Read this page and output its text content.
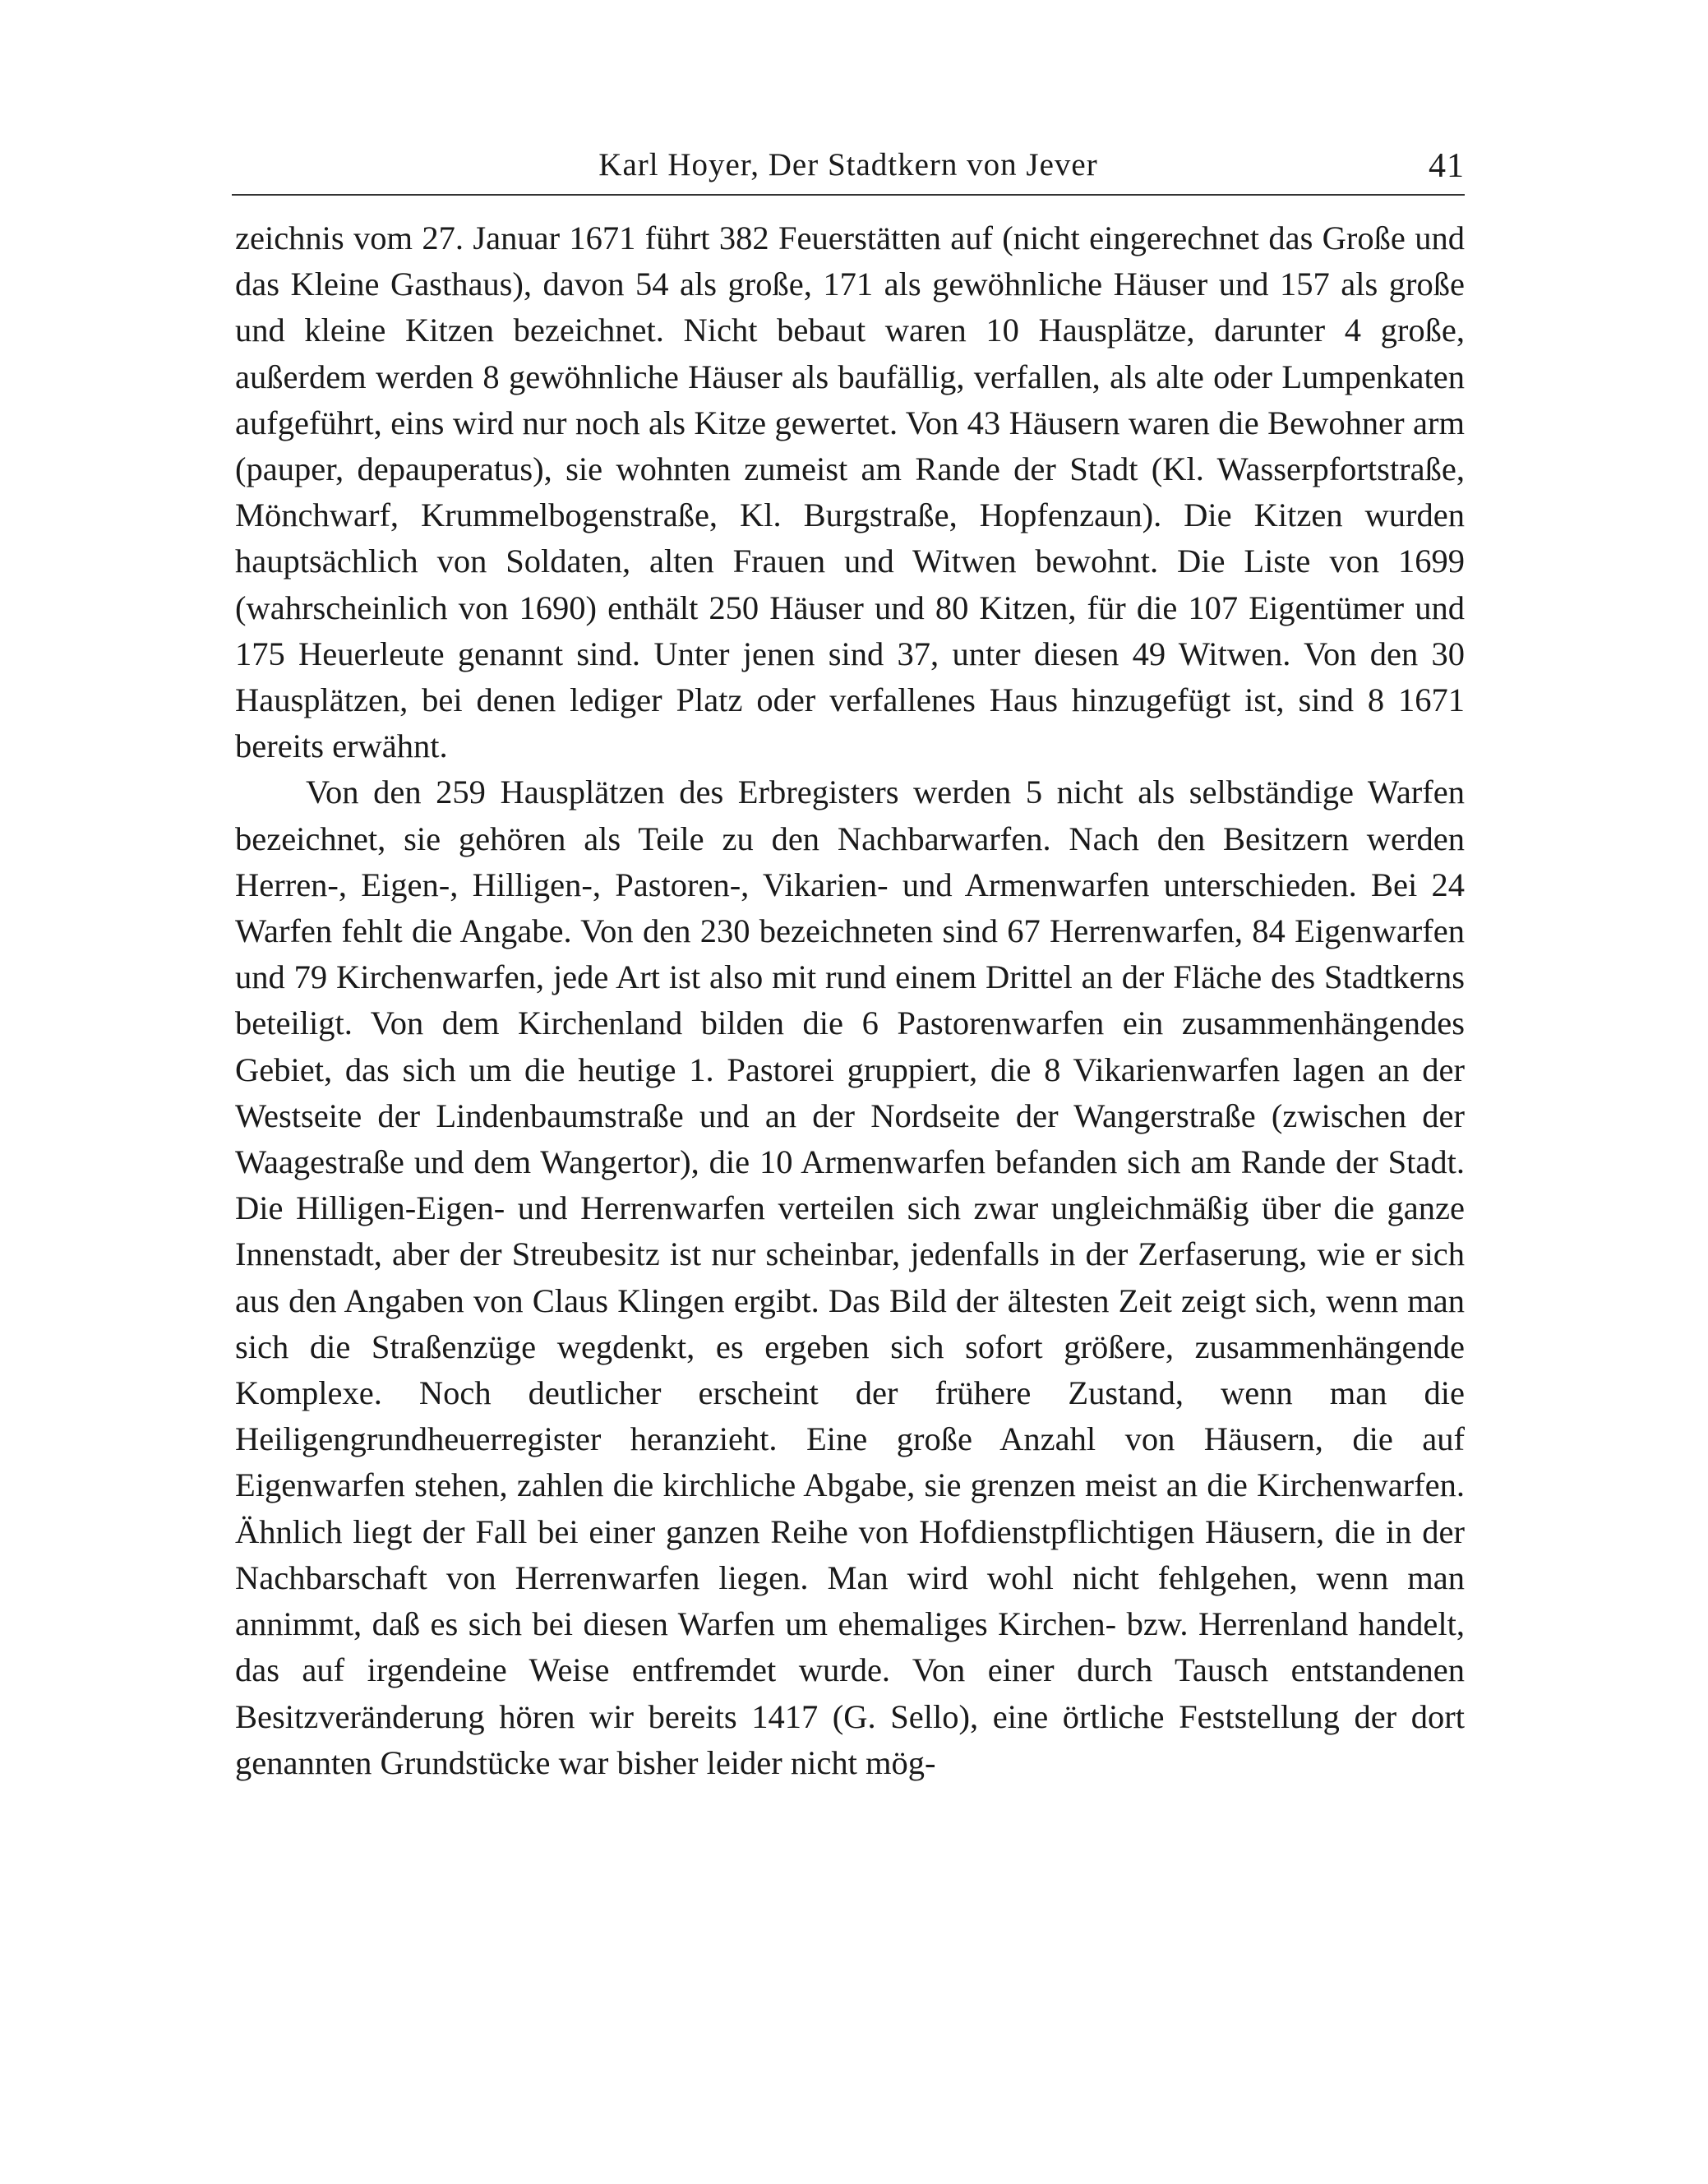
Karl Hoyer, Der Stadtkern von Jever	41

zeichnis vom 27. Januar 1671 führt 382 Feuerstätten auf (nicht eingerechnet das Große und das Kleine Gasthaus), davon 54 als große, 171 als gewöhnliche Häuser und 157 als große und kleine Kitzen bezeichnet. Nicht bebaut waren 10 Hausplätze, darunter 4 große, außerdem werden 8 gewöhnliche Häuser als baufällig, verfallen, als alte oder Lumpenkaten aufgeführt, eins wird nur noch als Kitze gewertet. Von 43 Häusern waren die Bewohner arm (pauper, depauperatus), sie wohnten zumeist am Rande der Stadt (Kl. Wasserpfortstraße, Mönchwarf, Krummelbogenstraße, Kl. Burgstraße, Hopfenzaun). Die Kitzen wurden hauptsächlich von Soldaten, alten Frauen und Witwen bewohnt. Die Liste von 1699 (wahrscheinlich von 1690) enthält 250 Häuser und 80 Kitzen, für die 107 Eigentümer und 175 Heuerleute genannt sind. Unter jenen sind 37, unter diesen 49 Witwen. Von den 30 Hausplätzen, bei denen lediger Platz oder verfallenes Haus hinzugefügt ist, sind 8 1671 bereits erwähnt.

Von den 259 Hausplätzen des Erbregisters werden 5 nicht als selbständige Warfen bezeichnet, sie gehören als Teile zu den Nachbarwarfen. Nach den Besitzern werden Herren-, Eigen-, Hilligen-, Pastoren-, Vikarien- und Armenwarfen unterschieden. Bei 24 Warfen fehlt die Angabe. Von den 230 bezeichneten sind 67 Herrenwarfen, 84 Eigenwarfen und 79 Kirchenwarfen, jede Art ist also mit rund einem Drittel an der Fläche des Stadtkerns beteiligt. Von dem Kirchenland bilden die 6 Pastorenwarfen ein zusammenhängendes Gebiet, das sich um die heutige 1. Pastorei gruppiert, die 8 Vikarienwarfen lagen an der Westseite der Lindenbaumstraße und an der Nordseite der Wangerstraße (zwischen der Waagestraße und dem Wangertor), die 10 Armenwarfen befanden sich am Rande der Stadt. Die Hilligen-Eigen- und Herrenwarfen verteilen sich zwar ungleichmäßig über die ganze Innenstadt, aber der Streubesitz ist nur scheinbar, jedenfalls in der Zerfaserung, wie er sich aus den Angaben von Claus Klingen ergibt. Das Bild der ältesten Zeit zeigt sich, wenn man sich die Straßenzüge wegdenkt, es ergeben sich sofort größere, zusammenhängende Komplexe. Noch deutlicher erscheint der frühere Zustand, wenn man die Heiligengrundheuerregister heranzieht. Eine große Anzahl von Häusern, die auf Eigenwarfen stehen, zahlen die kirchliche Abgabe, sie grenzen meist an die Kirchenwarfen. Ähnlich liegt der Fall bei einer ganzen Reihe von Hofdienstpflichtigen Häusern, die in der Nachbarschaft von Herrenwarfen liegen. Man wird wohl nicht fehlgehen, wenn man annimmt, daß es sich bei diesen Warfen um ehemaliges Kirchen- bzw. Herrenland handelt, das auf irgendeine Weise entfremdet wurde. Von einer durch Tausch entstandenen Besitzveränderung hören wir bereits 1417 (G. Sello), eine örtliche Feststellung der dort genannten Grundstücke war bisher leider nicht mög-
